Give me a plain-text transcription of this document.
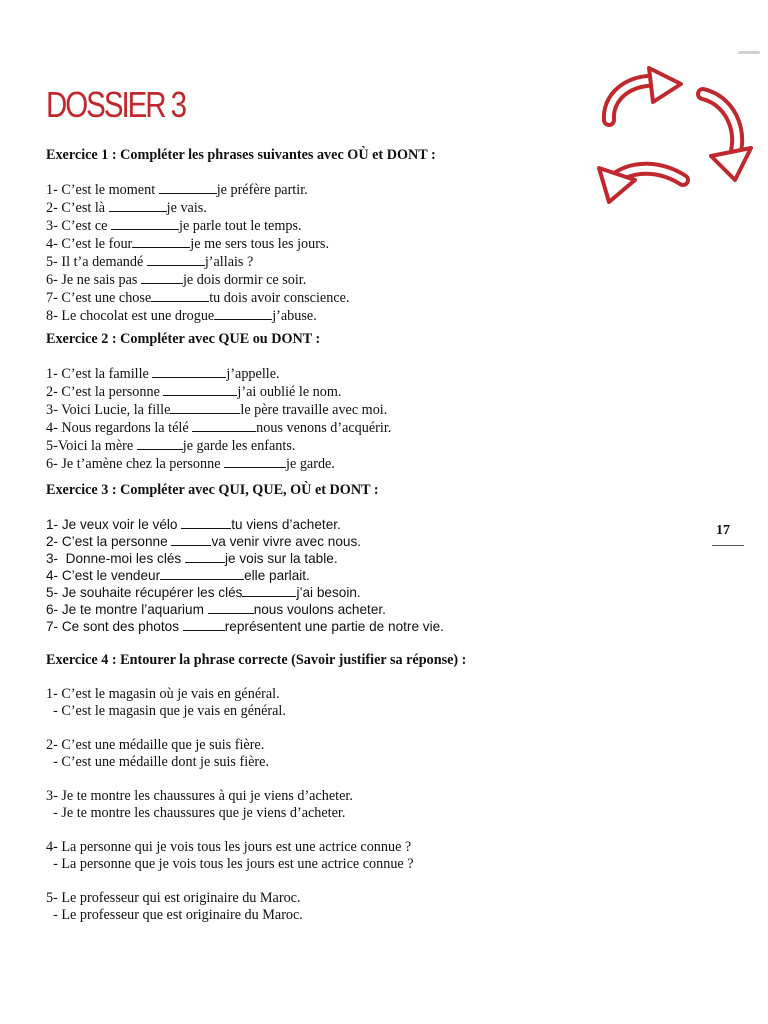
DOSSIER 3
17

Exercice 1 : Compléter les phrases suivantes avec OÙ et DONT :

1- C’est le moment	je préfère partir.

2- C’est là	je vais.

3- C’est ce	je parle tout le temps.

4- C’est le four	je me sers tous les jours.

5- Il t’a demandé	j’allais ?

6- Je ne sais pas	je dois dormir ce soir.

7- C’est une chose	tu dois avoir conscience.

8- Le chocolat est une drogue	j’abuse.

Exercice 2 : Compléter avec QUE ou DONT :

1- C’est la famille	j’appelle.

2- C’est la personne	j’ai oublié le nom.

3- Voici Lucie, la fille	le père travaille avec moi.

4- Nous regardons la télé	nous venons d’acquérir.

5-Voici la mère	je garde les enfants.

6- Je t’amène chez la personne	je garde.

Exercice 3 : Compléter avec QUI, QUE, OÙ et DONT :

1- Je veux voir le vélo	tu viens d’acheter.

2- C’est la personne	va venir vivre avec nous.

3-  Donne-moi les clés	je vois sur la table.

4- C’est le vendeur	elle parlait.

5- Je souhaite récupérer les clés	j’ai besoin.

6- Je te montre l’aquarium	nous voulons acheter.

7- Ce sont des photos	représentent une partie de notre vie.

Exercice 4 : Entourer la phrase correcte (Savoir justifier sa réponse) :

1- C’est le magasin où je vais en général.

- C’est le magasin que je vais en général.

2- C’est une médaille que je suis fière.

- C’est une médaille dont je suis fière.

3- Je te montre les chaussures à qui je viens d’acheter.

- Je te montre les chaussures que je viens d’acheter.

4- La personne qui je vois tous les jours est une actrice connue ?

- La personne que je vois tous les jours est une actrice connue ?

5- Le professeur qui est originaire du Maroc.

- Le professeur que est originaire du Maroc.
